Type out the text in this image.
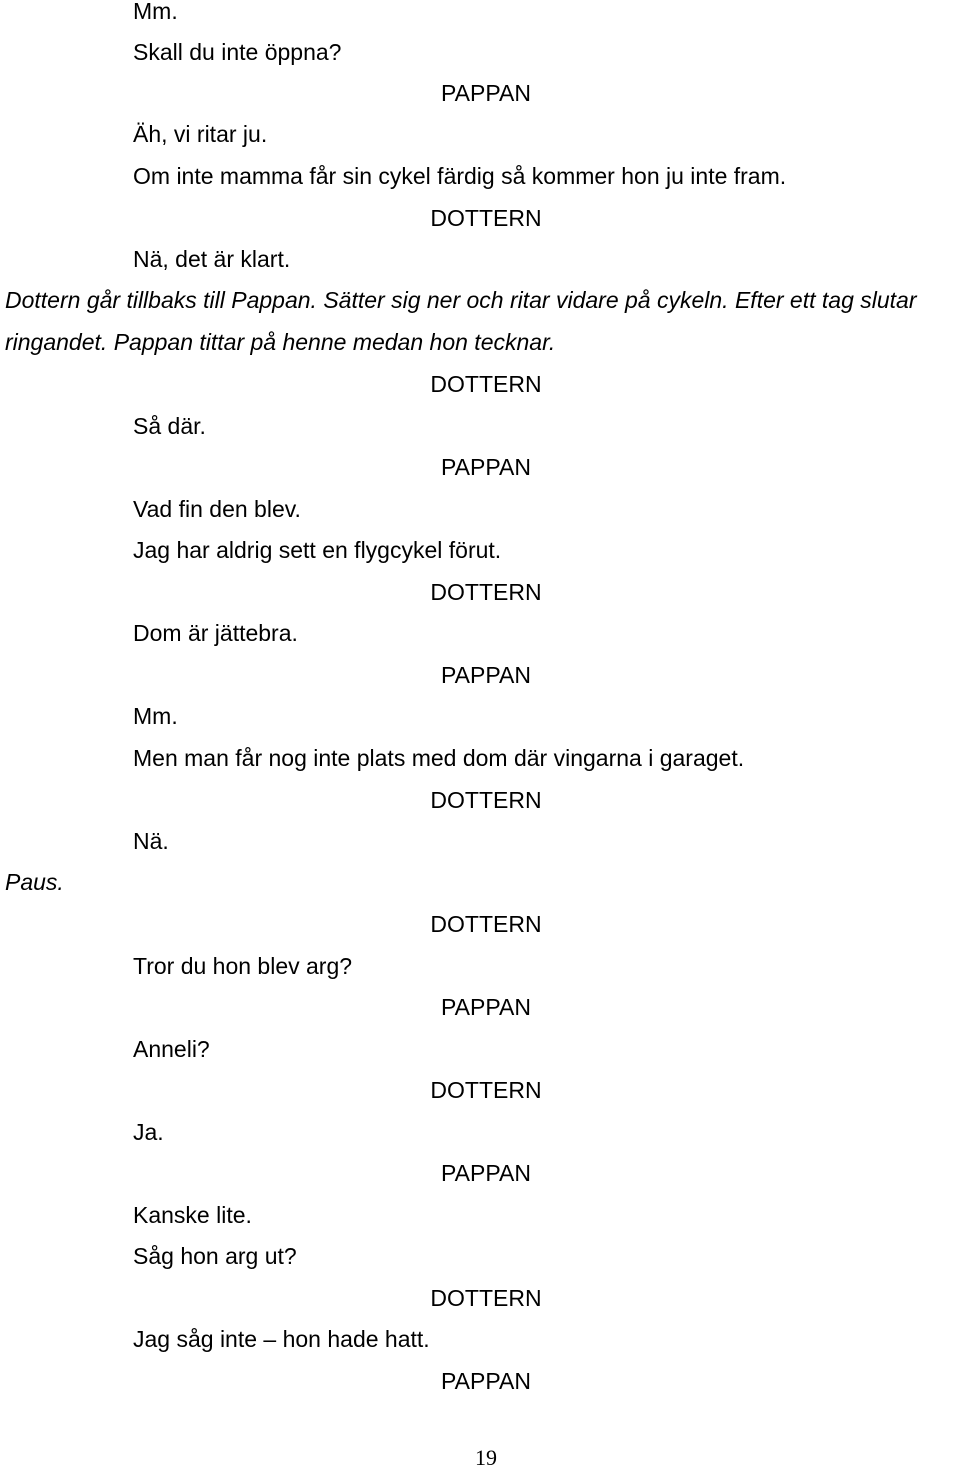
Mm.
Skall du inte öppna?
PAPPAN
Äh, vi ritar ju.
Om inte mamma får sin cykel färdig så kommer hon ju inte fram.
DOTTERN
Nä, det är klart.
Dottern går tillbaks till Pappan. Sätter sig ner och ritar vidare på cykeln. Efter ett tag slutar
ringandet. Pappan tittar på henne medan hon tecknar.
DOTTERN
Så där.
PAPPAN
Vad fin den blev.
Jag har aldrig sett en flygcykel förut.
DOTTERN
Dom är jättebra.
PAPPAN
Mm.
Men man får nog inte plats med dom där vingarna i garaget.
DOTTERN
Nä.
Paus.
DOTTERN
Tror du hon blev arg?
PAPPAN
Anneli?
DOTTERN
Ja.
PAPPAN
Kanske lite.
Såg hon arg ut?
DOTTERN
Jag såg inte – hon hade hatt.
PAPPAN
19
